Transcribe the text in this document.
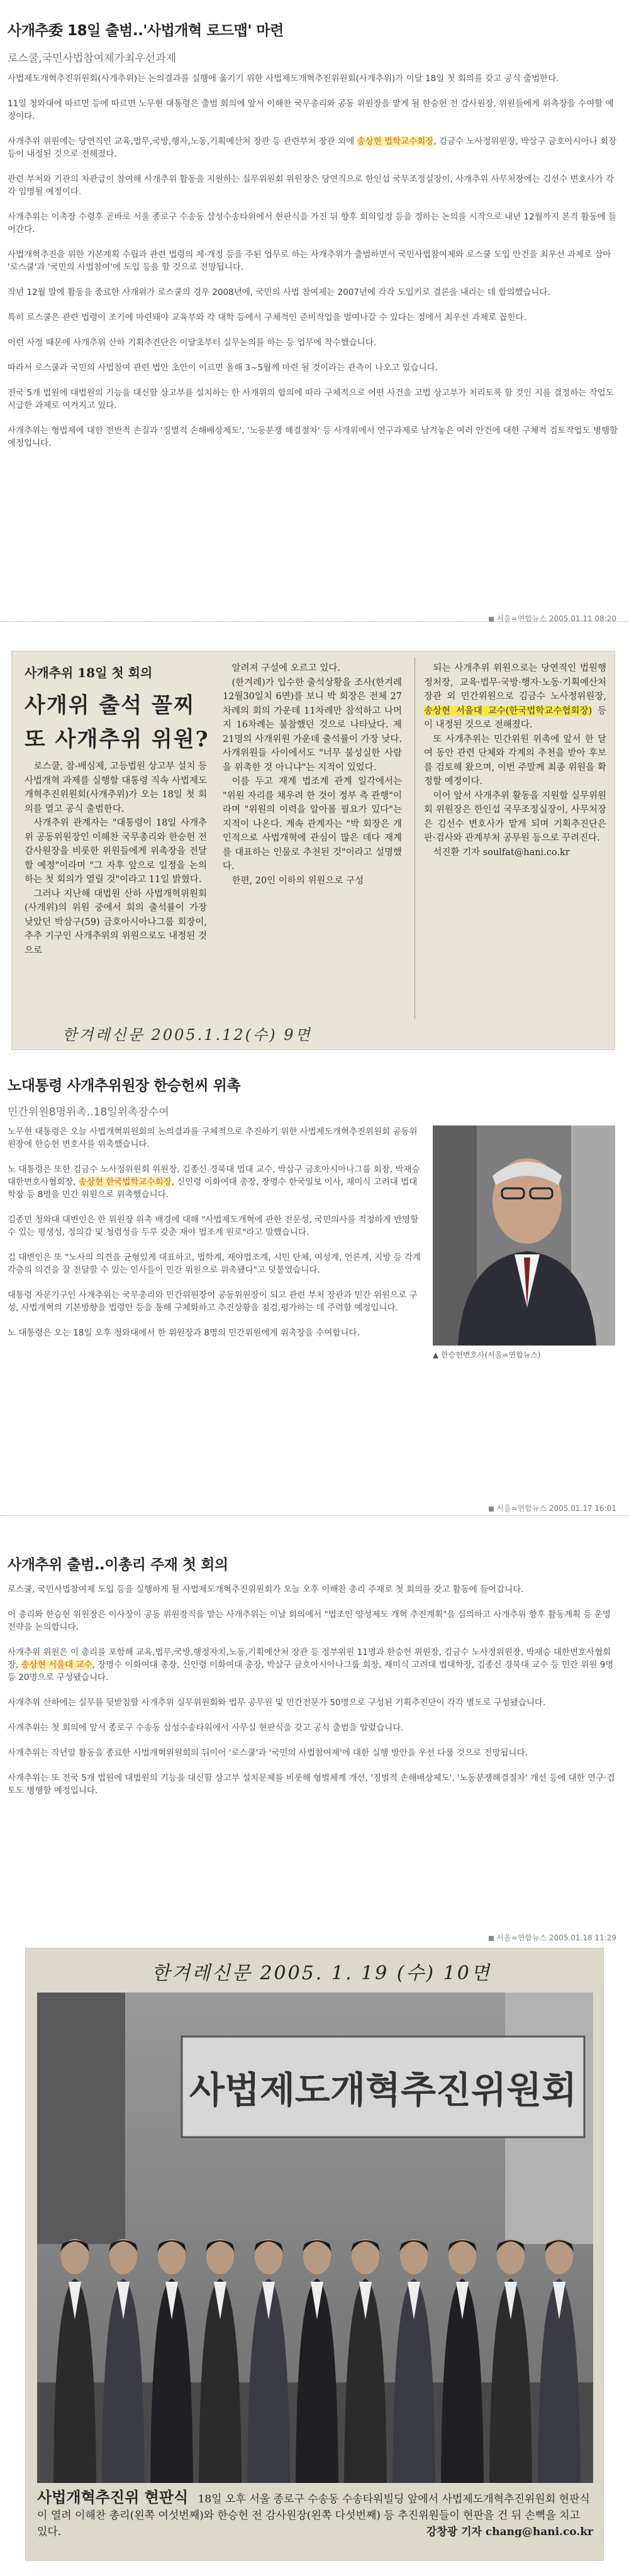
사개추委 18일 출범..'사법개혁 로드맵' 마련
로스쿨,국민사법참여제가최우선과제
사법제도개혁추진위원회(사개추위)는 논의결과를 실행에 옮기기 위한 사법제도개혁추진위원회(사개추위)가 이달 18일 첫 회의를 갖고 공식 출범한다.
11일 청와대에 따르면 등에 따르면 노무현 대통령은 출범 회의에 앞서 이해찬 국무총리와 공동 위원장을 맡게 될 한승헌 전 감사원장, 위원들에게 위촉장을 수여할 예정이다.
사개추위 위원에는 당연직인 교육,법무,국방,행자,노동,기획예산처 장관 등 관련부처 장관 외에 송상현 법학교수회장, 김금수 노사정위원장, 박삼구 금호아시아나 회장 등이 내정된 것으로 전해졌다.
관련 부처와 기관의 차관급이 참여해 사개추위 활동을 지원하는 실무위원회 위원장은 당연직으로 한인섭 국무조정실장이, 사개추위 사무처장에는 김선수 변호사가 각각 임명될 예정이다.
사개추위는 이촉장 수령후 곧바로 서울 종로구 수송동 삼성수송타워에서 현판식을 가진 뒤 향후 회의일정 등을 정하는 논의를 시작으로 내년 12월까지 본격 활동에 들어간다.
사법개혁추진을 위한 기본계획 수립과 관련 법령의 제·개정 등을 주된 업무로 하는 사개추위가 출범하면서 국민사법참여제와 로스쿨 도입 안건을 최우선 과제로 삼아 '로스쿨'과 '국민의 사법참여'에 도입 등을 할 것으로 전망됩니다.
작년 12월 말에 활동을 종료한 사개위가 로스쿨의 경우 2008년에, 국민의 사법 참여제는 2007년에 각각 도입키로 결론을 내리는 데 합의했습니다.
특히 로스쿨은 관련 법령이 조기에 마련돼야 교육부와 각 대학 등에서 구체적인 준비작업을 벌여나갈 수 있다는 점에서 최우선 과제로 꼽힌다.
이런 사정 때문에 사개추위 산하 기획추진단은 이달초부터 실무논의를 하는 등 업무에 착수했습니다.
따라서 로스쿨과 국민의 사법참여 관련 법안 초안이 이르면 올해 3~5월께 마련 될 것이라는 관측이 나오고 있습니다.
전국 5개 법원에 대법원의 기능을 대신할 상고부를 설치하는 한 사개위의 합의에 따라 구체적으로 어떤 사건을 고법 상고부가 처리토록 할 것인 지를 결정하는 작업도 시급한 과제로 여겨지고 있다.
사개추위는 형법제에 대한 전반적 손질과 '징벌적 손해배상제도', '노동분쟁 해결절차' 등 사개위에서 연구과제로 남겨놓은 여러 안건에 대한 구체적 검토작업도 병행할 예정입니다.
서울=연합뉴스 2005.01.11 08:20
사개추위 18일 첫 회의
사개위 출석 꼴찌
또 사개추위 위원?
로스쿨, 참-배심제, 고등법원 상고부 설치 등 사법개혁 과제를 실행할 대통령 직속 사법제도개혁추진위원회(사개추위)가 오는 18일 첫 회의를 열고 공식 출범한다.
사개추위 관계자는 "대통령이 18일 사개추위 공동위원장인 이해찬 국무총리와 한승헌 전 감사원장을 비롯한 위원들에게 위촉장을 전달할 예정"이라며 "그 자후 앞으로 일정을 논의하는 첫 회의가 열릴 것"이라고 11일 밝혔다.
그러나 지난해 대법원 산하 사법개혁위원회(사개위)의 위원 중에서 회의 출석률이 가장 낮았던 박삼구(59) 금호아시아나그룹 회장이, 추추 기구인 사개추위의 위원으로도 내정된 것으로
알려져 구설에 오르고 있다.
(한겨레)가 입수한 출석상황을 조사(한겨레 12월30일치 6면)를 보니 박 회장은 전체 27차례의 회의 가운데 11차례만 참석하고 나머지 16차례는 불참했던 것으로 나타났다. 제 21명의 사개위원 가운데 출석률이 가장 낮다. 사개위원들 사이에서도 "너무 불성실한 사람을 위촉한 것 아니냐"는 지적이 있었다.
이를 두고 재계 법조계 관계 일각에서는 "위원 자리를 채우려 한 것이 정부 측 관행"이라며 "위원의 이력을 알아볼 필요가 있다"는 지적이 나온다. 계속 관계자는 "박 회장은 개인적으로 사법개혁에 관심이 많은 데다 재계를 대표하는 인물로 추천된 것"이라고 설명했다.
한편, 20인 이하의 위원으로 구성
되는 사개추위 위원으로는 당연직인 법원행정처장, 교육·법무·국방·행자·노동·기획예산처 장관 외 민간위원으로 김금수 노사정위원장, 송상현 서울대 교수(한국법학교수협회장) 등이 내정된 것으로 전해졌다.
또 사개추위는 민간위원 위촉에 앞서 한 달여 동안 관련 단체와 각계의 추천을 받아 후보를 검토해 왔으며, 이번 주말께 최종 위원을 확정할 예정이다.
이어 앞서 사개추위 활동을 지원할 실무위원회 위원장은 한인섭 국무조정실장이, 사무처장은 김선수 변호사가 맡게 되며 기획추진단은 판·검사와 관계부처 공무원 등으로 꾸려진다.
석진환 기자 soulfat@hani.co.kr
한겨레신문 2005.1.12(수) 9면
노대통령 사개추위원장 한승헌씨 위촉
민간위원8명위촉..18일위촉장수여
노무현 대통령은 오늘 사법개혁위원회의 논의결과를 구체적으로 추진하기 위한 사법제도개혁추진위원회 공동위원장에 한승헌 변호사를 위촉했습니다.
노 대통령은 또한 김금수 노사정위원회 위원장, 김종신 경북대 법대 교수, 박삼구 금호아시아나그룹 회장, 박재승 대한변호사협회장, 송상현 한국법학교수회장, 신인령 이화여대 총장, 장명수 한국일보 이사, 재미식 고려대 법대학장 등 8명을 민간 위원으로 위촉했습니다.
김종민 청와대 대변인은 한 위원장 위촉 배경에 대해 "사법제도개혁에 관한 전문성, 국민의사를 적정하게 반영할 수 있는 평생성, 정의감 및 청렴성을 두루 갖춘 재야 법조계 원로"라고 말했습니다.
김 대변인은 또 "노사의 의견을 균형있게 대표하고, 법학계, 재야법조계, 시민 단체, 여성계, 언론계, 지방 등 각계 각층의 의견을 잘 전달할 수 있는 인사들이 민간 위원으로 위촉됐다"고 덧붙였습니다.
대통령 자문기구인 사개추위는 국무총리와 민간위원장이 공동위원장이 되고 관련 부처 장관과 민간 위원으로 구성, 사법개혁의 기본방향을 법령안 등을 통해 구체화하고 추진상황을 점검,평가하는 데 주력할 예정입니다.
노 대통령은 오는 18일 오후 청와대에서 한 위원장과 8명의 민간위원에게 위촉장을 수여합니다.
▲ 한승헌변호사(서울=연합뉴스)
서울=연합뉴스 2005.01.17 16:01
사개추위 출범..이총리 주재 첫 회의
로스쿨, 국민사법참여제 도입 등을 실행하게 될 사법제도개혁추진위원회가 오늘 오후 이해찬 총리 주재로 첫 회의를 갖고 활동에 들어갑니다.
이 총리와 한승헌 위원장은 이사장이 공동 위원장직을 맡는 사개추위는 이날 회의에서 "법조인 양성제도 개혁 추진계획"을 심의하고 사개추위 향후 활동계획 등 운영 전략을 논의합니다.
사개추위 위원은 이 총리를 포함해 교육,법무,국방,행정자치,노동,기획예산처 장관 등 정부위원 11명과 한승헌 위원장, 김금수 노사정위원장, 박재승 대한변호사협회장, 송상현 서울대 교수, 장명수 이화여대 총장, 신인령 이화여대 총장, 박삼구 금호아시아나그룹 회장, 재미식 고려대 법대학장, 김종신 경북대 교수 등 민간 위원 9명 등 20명으로 구성됐습니다.
사개추위 산하에는 실무를 뒷받침할 사개추위 실무위원회와 법무 공무원 및 민간전문가 50명으로 구성된 기획추진단이 각각 별도로 구성됐습니다.
사개추위는 첫 회의에 앞서 종로구 수송동 삼성수송타워에서 사무실 현판식을 갖고 공식 출범을 알렸습니다.
사개추위는 작년말 활동을 종료한 사법개혁위원회의 뒤이어 '로스쿨'과 '국민의 사법참여제'에 대한 실행 방안을 우선 다룰 것으로 전망됩니다.
사개추위는 또 전국 5개 법원에 대법원의 기능을 대신할 상고부 설치문제를 비롯해 형벌체계 개선, '징벌적 손해배상제도', '노동분쟁해결절차' 개선 등에 대한 연구·검토도 병행할 예정입니다.
서울=연합뉴스 2005.01.18 11:29
한겨레신문 2005. 1. 19 (수) 10면
사법제도개혁추진위원회
사법개혁추진위 현판식 18일 오후 서울 종로구 수송동 수송타워빌딩 앞에서 사법제도개혁추진위원회 현판식이 열려 이해찬 총리(왼쪽 여섯번째)와 한승헌 전 감사원장(왼쪽 다섯번째) 등 추진위원들이 현판을 건 뒤 손뼉을 치고 있다.	강창광 기자 chang@hani.co.kr
